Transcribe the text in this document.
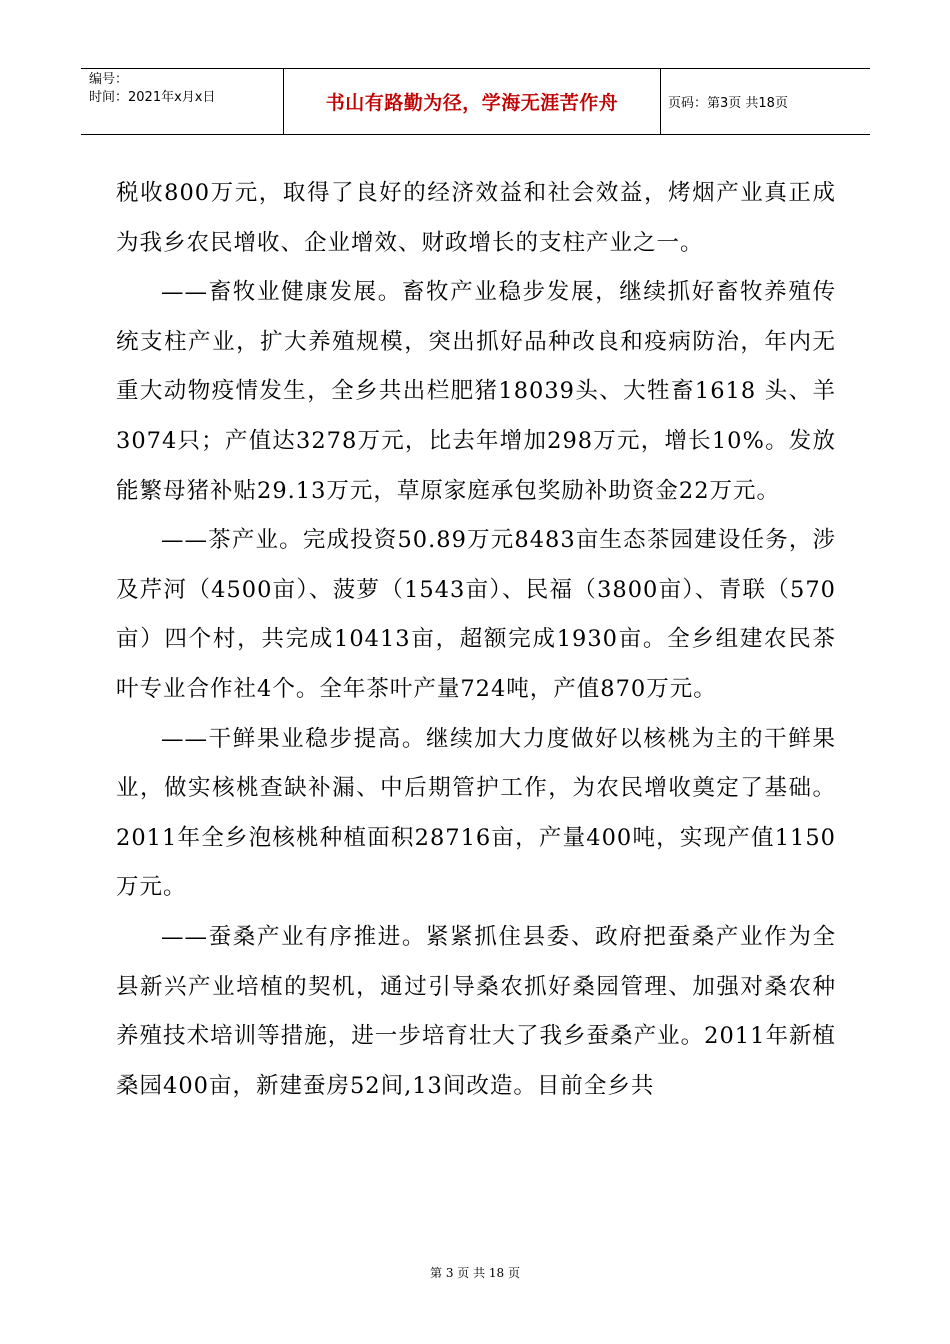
编号：
时间：2021年x月x日	书山有路勤为径，学海无涯苦作舟	页码：第3页 共18页

税收800万元，取得了良好的经济效益和社会效益，烤烟产业真正成为我乡农民增收、企业增效、财政增长的支柱产业之一。

——畜牧业健康发展。畜牧产业稳步发展，继续抓好畜牧养殖传统支柱产业，扩大养殖规模，突出抓好品种改良和疫病防治，年内无重大动物疫情发生，全乡共出栏肥猪18039头、大牲畜1618 头、羊3074只；产值达3278万元，比去年增加298万元，增长10%。发放能繁母猪补贴29.13万元，草原家庭承包奖励补助资金22万元。

——茶产业。完成投资50.89万元8483亩生态茶园建设任务，涉及芹河（4500亩）、菠萝（1543亩）、民福（3800亩）、青联（570亩）四个村，共完成10413亩，超额完成1930亩。全乡组建农民茶叶专业合作社4个。全年茶叶产量724吨，产值870万元。

——干鲜果业稳步提高。继续加大力度做好以核桃为主的干鲜果业，做实核桃查缺补漏、中后期管护工作，为农民增收奠定了基础。2011年全乡泡核桃种植面积28716亩，产量400吨，实现产值1150万元。

——蚕桑产业有序推进。紧紧抓住县委、政府把蚕桑产业作为全县新兴产业培植的契机，通过引导桑农抓好桑园管理、加强对桑农种养殖技术培训等措施，进一步培育壮大了我乡蚕桑产业。2011年新植桑园400亩，新建蚕房52间,13间改造。目前全乡共

第 3 页 共 18 页
